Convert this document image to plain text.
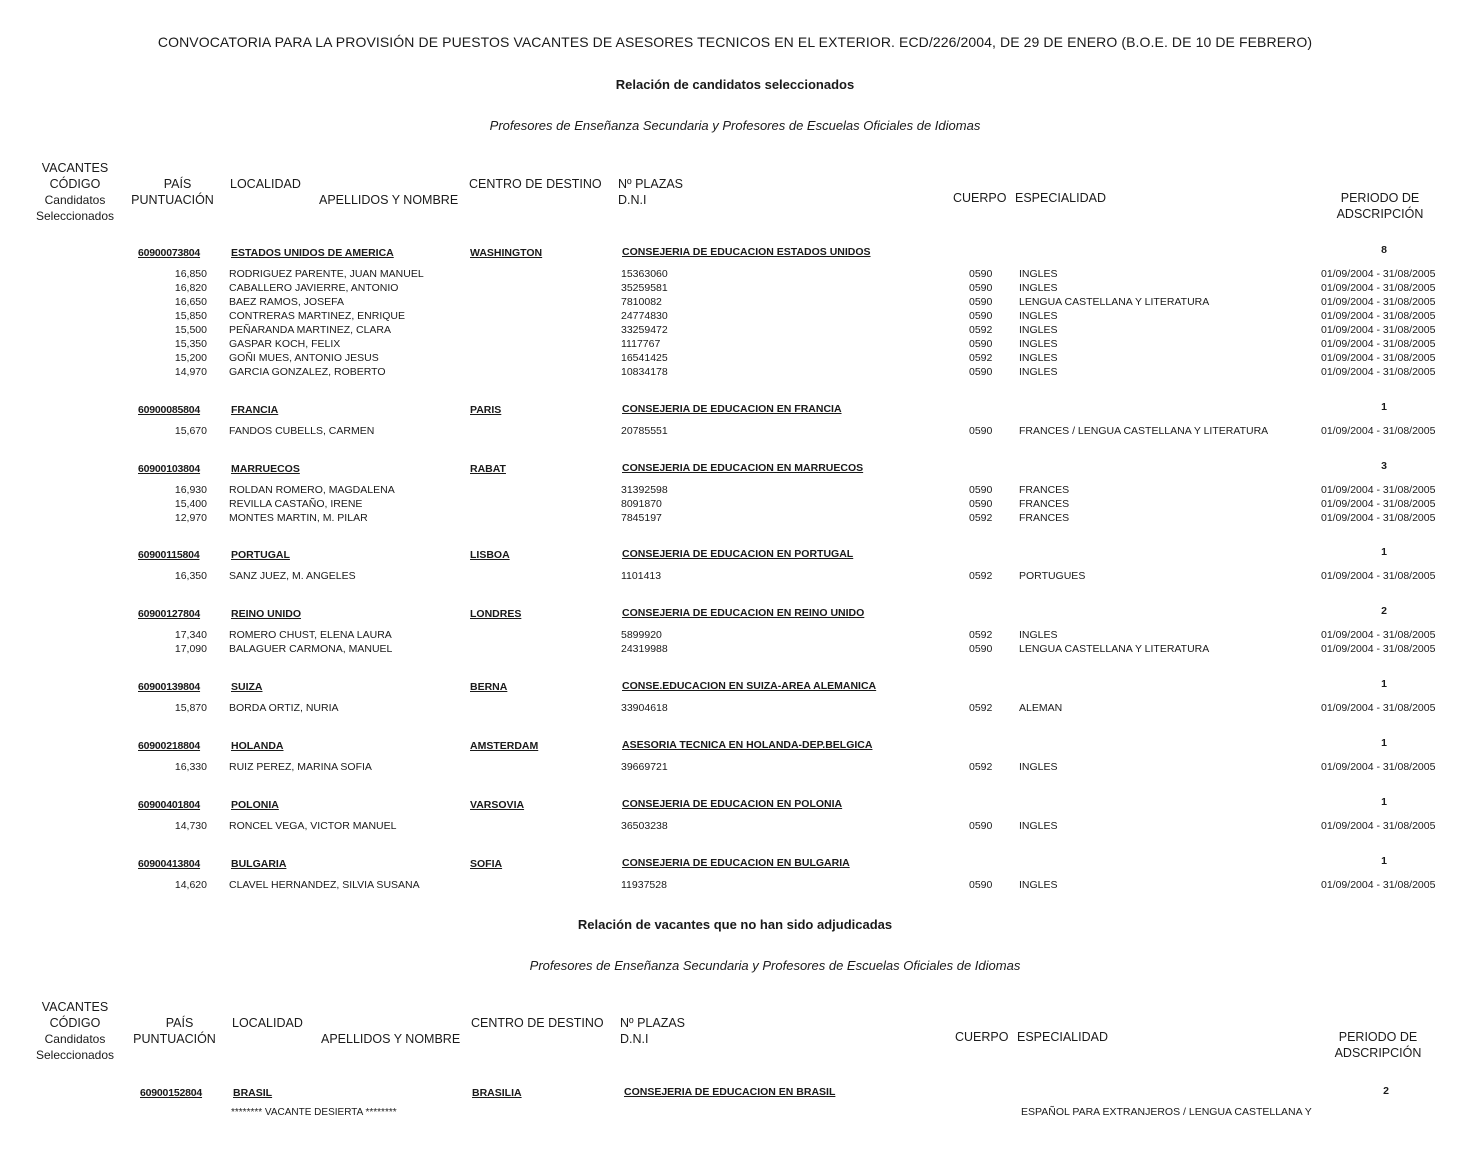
CONVOCATORIA PARA LA PROVISIÓN DE PUESTOS VACANTES DE ASESORES TECNICOS EN EL EXTERIOR. ECD/226/2004, DE 29 DE ENERO (B.O.E. DE 10 DE FEBRERO)
Relación de candidatos seleccionados
Profesores de Enseñanza Secundaria y Profesores de Escuelas Oficiales de Idiomas
VACANTES
CÓDIGO
Candidatos
Seleccionados
PAÍS
PUNTUACIÓN
LOCALIDAD
APELLIDOS Y NOMBRE
CENTRO DE DESTINO Nº PLAZAS
D.N.I	CUERPO ESPECIALIDAD	PERIODO DE
ADSCRIPCIÓN
60900073804	ESTADOS UNIDOS DE AMERICA	WASHINGTON	CONSEJERIA DE EDUCACION ESTADOS UNIDOS	8
16,850 RODRIGUEZ PARENTE, JUAN MANUEL	15363060	0590	INGLES	01/09/2004 - 31/08/2005
16,820 CABALLERO JAVIERRE, ANTONIO	35259581	0590	INGLES	01/09/2004 - 31/08/2005
16,650 BAEZ RAMOS, JOSEFA	7810082	0590	LENGUA CASTELLANA Y LITERATURA	01/09/2004 - 31/08/2005
15,850 CONTRERAS MARTINEZ, ENRIQUE	24774830	0590	INGLES	01/09/2004 - 31/08/2005
15,500 PEÑARANDA MARTINEZ, CLARA	33259472	0592	INGLES	01/09/2004 - 31/08/2005
15,350 GASPAR KOCH, FELIX	1117767	0590	INGLES	01/09/2004 - 31/08/2005
15,200 GOÑI MUES, ANTONIO JESUS	16541425	0592	INGLES	01/09/2004 - 31/08/2005
14,970 GARCIA GONZALEZ, ROBERTO	10834178	0590	INGLES	01/09/2004 - 31/08/2005
60900085804	FRANCIA	PARIS	CONSEJERIA DE EDUCACION EN FRANCIA	1
15,670 FANDOS CUBELLS, CARMEN	20785551	0590	FRANCES / LENGUA CASTELLANA Y LITERATURA	01/09/2004 - 31/08/2005
60900103804	MARRUECOS	RABAT	CONSEJERIA DE EDUCACION EN MARRUECOS	3
16,930 ROLDAN ROMERO, MAGDALENA	31392598	0590	FRANCES	01/09/2004 - 31/08/2005
15,400 REVILLA CASTAÑO, IRENE	8091870	0590	FRANCES	01/09/2004 - 31/08/2005
12,970 MONTES MARTIN, M. PILAR	7845197	0592	FRANCES	01/09/2004 - 31/08/2005
60900115804	PORTUGAL	LISBOA	CONSEJERIA DE EDUCACION EN PORTUGAL	1
16,350 SANZ JUEZ, M. ANGELES	1101413	0592	PORTUGUES	01/09/2004 - 31/08/2005
60900127804	REINO UNIDO	LONDRES	CONSEJERIA DE EDUCACION EN REINO UNIDO	2
17,340 ROMERO CHUST, ELENA LAURA	5899920	0592	INGLES	01/09/2004 - 31/08/2005
17,090 BALAGUER CARMONA, MANUEL	24319988	0590	LENGUA CASTELLANA Y LITERATURA	01/09/2004 - 31/08/2005
60900139804	SUIZA	BERNA	CONSE.EDUCACION EN SUIZA-AREA ALEMANICA	1
15,870 BORDA ORTIZ, NURIA	33904618	0592	ALEMAN	01/09/2004 - 31/08/2005
60900218804	HOLANDA	AMSTERDAM	ASESORIA TECNICA EN HOLANDA-DEP.BELGICA	1
16,330 RUIZ PEREZ, MARINA SOFIA	39669721	0592	INGLES	01/09/2004 - 31/08/2005
60900401804	POLONIA	VARSOVIA	CONSEJERIA DE EDUCACION EN POLONIA	1
14,730 RONCEL VEGA, VICTOR MANUEL	36503238	0590	INGLES	01/09/2004 - 31/08/2005
60900413804	BULGARIA	SOFIA	CONSEJERIA DE EDUCACION EN BULGARIA	1
14,620 CLAVEL HERNANDEZ, SILVIA SUSANA	11937528	0590	INGLES	01/09/2004 - 31/08/2005
Relación de vacantes que no han sido adjudicadas
Profesores de Enseñanza Secundaria y Profesores de Escuelas Oficiales de Idiomas
VACANTES
CÓDIGO
Candidatos
Seleccionados
PAÍS
PUNTUACIÓN
LOCALIDAD
APELLIDOS Y NOMBRE
CENTRO DE DESTINO Nº PLAZAS
D.N.I	CUERPO ESPECIALIDAD	PERIODO DE
ADSCRIPCIÓN
60900152804	BRASIL	BRASILIA	CONSEJERIA DE EDUCACION EN BRASIL	2
******** VACANTE DESIERTA ********	ESPAÑOL PARA EXTRANJEROS / LENGUA CASTELLANA Y
